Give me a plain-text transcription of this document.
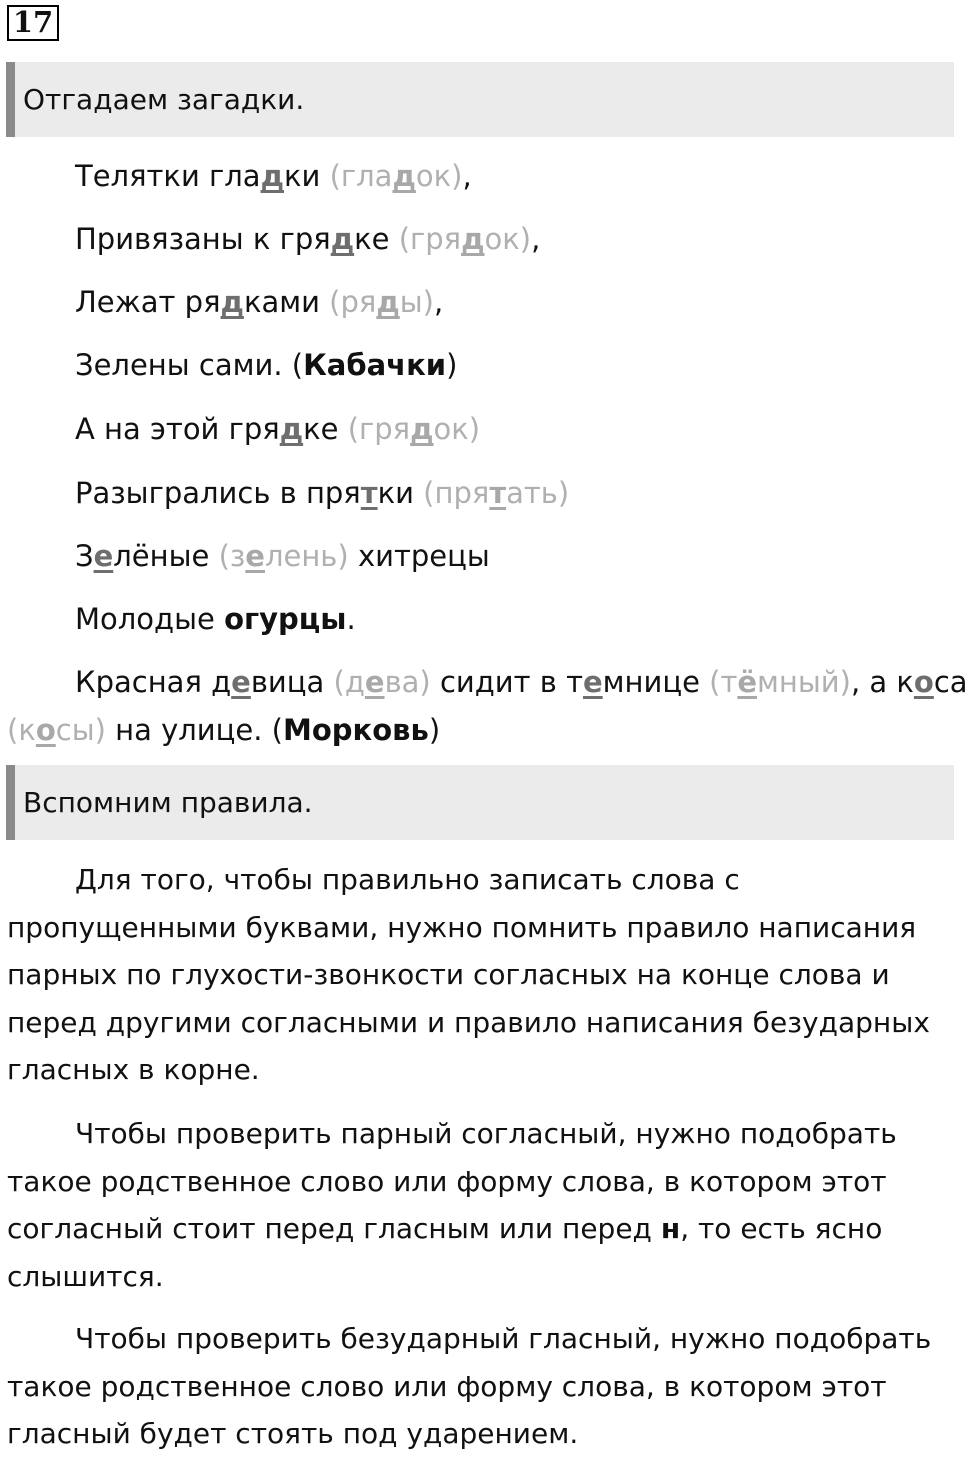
17
Отгадаем загадки.
Телятки гладки (гладок),
Привязаны к грядке (грядок),
Лежат рядками (ряды),
Зелены сами. (Кабачки)
А на этой грядке (грядок)
Разыгрались в прятки (прятать)
Зелёные (зелень) хитрецы
Молодые огурцы.
Красная девица (дева) сидит в темнице (тёмный), а коса
(косы) на улице. (Морковь)
Вспомним правила.
Для того, чтобы правильно записать слова с пропущенными буквами, нужно помнить правило написания парных по глухости-звонкости согласных на конце слова и перед другими согласными и правило написания безударных гласных в корне.
Чтобы проверить парный согласный, нужно подобрать такое родственное слово или форму слова, в котором этот согласный стоит перед гласным или перед н, то есть ясно слышится.
Чтобы проверить безударный гласный, нужно подобрать такое родственное слово или форму слова, в котором этот гласный будет стоять под ударением.
